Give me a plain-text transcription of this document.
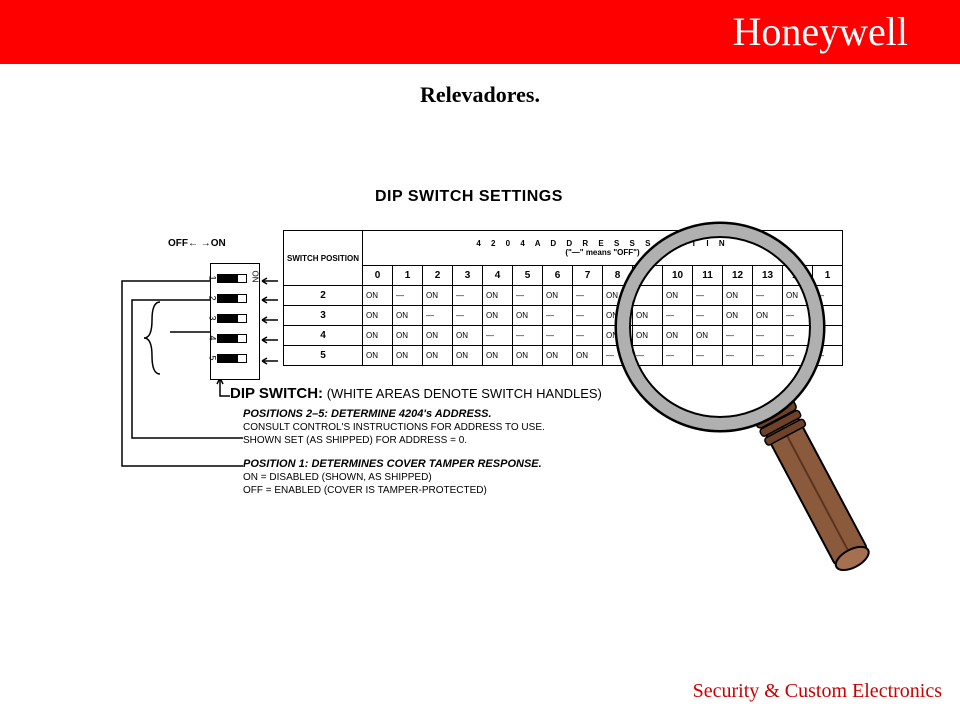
Honeywell
Relevadores.
DIP SWITCH SETTINGS
OFF← →ON
ON
1
2
3
4
5
SWITCH POSITION	4 2 0 4 A D D R E S S S E T T I N
("—" means "OFF")															

	0	1	2	3	4	5	6	7	8		10	11	12	13	14	1
2	ON	—	ON	—	ON	—	ON	—	ON		ON	—	ON	—	ON	—
3	ON	ON	—	—	ON	ON	—	—	ON	ON	—	—	ON	ON	—	—
4	ON	ON	ON	ON	—	—	—	—	ON	ON	ON	ON	—	—	—	—
5	ON	ON	ON	ON	ON	ON	ON	ON	—	—	—	—	—	—	—	—
DIP SWITCH: (WHITE AREAS DENOTE SWITCH HANDLES)
POSITIONS 2–5: DETERMINE 4204's ADDRESS.
CONSULT CONTROL'S INSTRUCTIONS FOR ADDRESS TO USE.
SHOWN SET (AS SHIPPED) FOR ADDRESS = 0.
POSITION 1: DETERMINES COVER TAMPER RESPONSE.
ON = DISABLED (SHOWN, AS SHIPPED)
OFF = ENABLED (COVER IS TAMPER-PROTECTED)
Security & Custom Electronics
